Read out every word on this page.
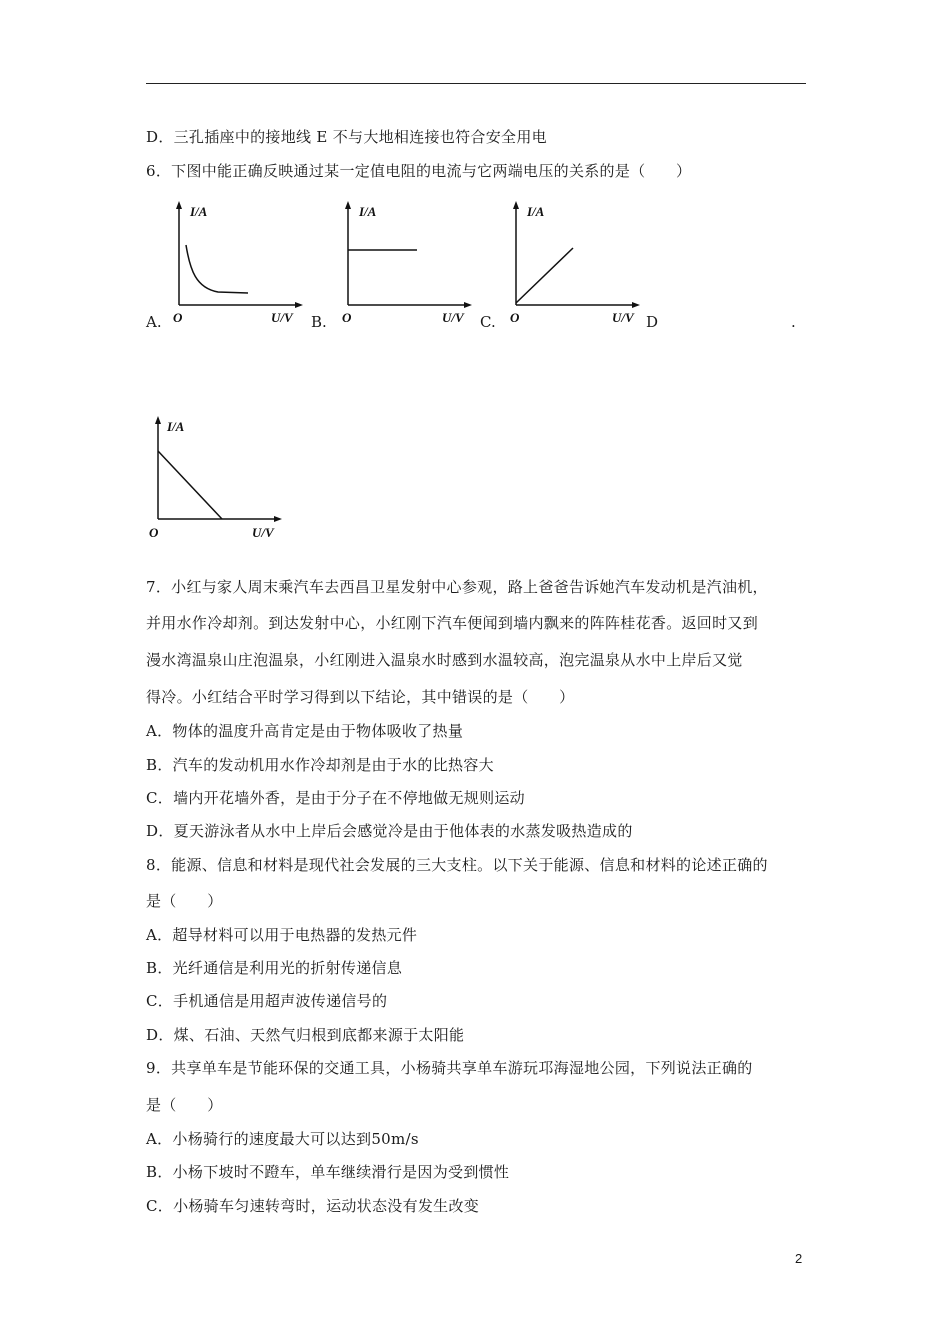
D．三孔插座中的接地线 E 不与大地相连接也符合安全用电
6．下图中能正确反映通过某一定值电阻的电流与它两端电压的关系的是（　　）
A.	B.	C.	D	.
I/A
O	U/V
I/A
O	U/V
I/A
O	U/V
I/A
O	U/V
7．小红与家人周末乘汽车去西昌卫星发射中心参观，路上爸爸告诉她汽车发动机是汽油机，
并用水作冷却剂。到达发射中心，小红刚下汽车便闻到墙内飘来的阵阵桂花香。返回时又到
漫水湾温泉山庄泡温泉，小红刚进入温泉水时感到水温较高，泡完温泉从水中上岸后又觉
得冷。小红结合平时学习得到以下结论，其中错误的是（　　）
A．物体的温度升高肯定是由于物体吸收了热量
B．汽车的发动机用水作冷却剂是由于水的比热容大
C．墙内开花墙外香，是由于分子在不停地做无规则运动
D．夏天游泳者从水中上岸后会感觉冷是由于他体表的水蒸发吸热造成的
8．能源、信息和材料是现代社会发展的三大支柱。以下关于能源、信息和材料的论述正确的
是（　　）
A．超导材料可以用于电热器的发热元件
B．光纤通信是利用光的折射传递信息
C．手机通信是用超声波传递信号的
D．煤、石油、天然气归根到底都来源于太阳能
9．共享单车是节能环保的交通工具，小杨骑共享单车游玩邛海湿地公园，下列说法正确的
是（　　）
A．小杨骑行的速度最大可以达到50m/s
B．小杨下坡时不蹬车，单车继续滑行是因为受到惯性
C．小杨骑车匀速转弯时，运动状态没有发生改变
2
